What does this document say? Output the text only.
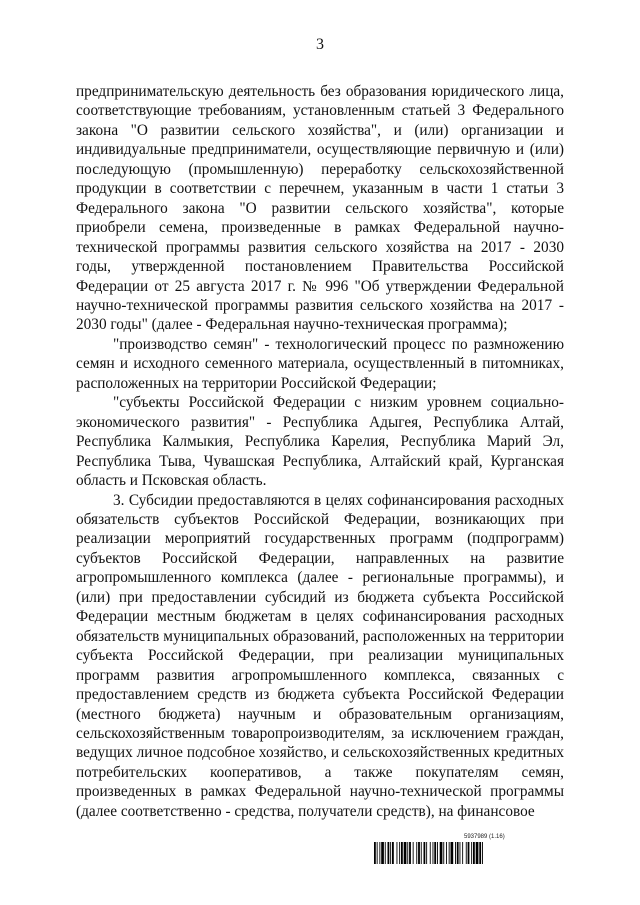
3

предпринимательскую деятельность без образования юридического лица, соответствующие требованиям, установленным статьей 3 Федерального закона "О развитии сельского хозяйства", и (или) организации и индивидуальные предприниматели, осуществляющие первичную и (или) последующую (промышленную) переработку сельскохозяйственной продукции в соответствии с перечнем, указанным в части 1 статьи 3 Федерального закона "О развитии сельского хозяйства", которые приобрели семена, произведенные в рамках Федеральной научно-технической программы развития сельского хозяйства на 2017 - 2030 годы, утвержденной постановлением Правительства Российской Федерации от 25 августа 2017 г. № 996 "Об утверждении Федеральной научно-технической программы развития сельского хозяйства на 2017 - 2030 годы" (далее - Федеральная научно-техническая программа);

"производство семян" - технологический процесс по размножению семян и исходного семенного материала, осуществленный в питомниках, расположенных на территории Российской Федерации;

"субъекты Российской Федерации с низким уровнем социально-экономического развития" - Республика Адыгея, Республика Алтай, Республика Калмыкия, Республика Карелия, Республика Марий Эл, Республика Тыва, Чувашская Республика, Алтайский край, Курганская область и Псковская область.

3. Субсидии предоставляются в целях софинансирования расходных обязательств субъектов Российской Федерации, возникающих при реализации мероприятий государственных программ (подпрограмм) субъектов Российской Федерации, направленных на развитие агропромышленного комплекса (далее - региональные программы), и (или) при предоставлении субсидий из бюджета субъекта Российской Федерации местным бюджетам в целях софинансирования расходных обязательств муниципальных образований, расположенных на территории субъекта Российской Федерации, при реализации муниципальных программ развития агропромышленного комплекса, связанных с предоставлением средств из бюджета субъекта Российской Федерации (местного бюджета) научным и образовательным организациям, сельскохозяйственным товаропроизводителям, за исключением граждан, ведущих личное подсобное хозяйство, и сельскохозяйственных кредитных потребительских кооперативов, а также покупателям семян, произведенных в рамках Федеральной научно-технической программы (далее соответственно - средства, получатели средств), на финансовое

5937989 (1.16)
